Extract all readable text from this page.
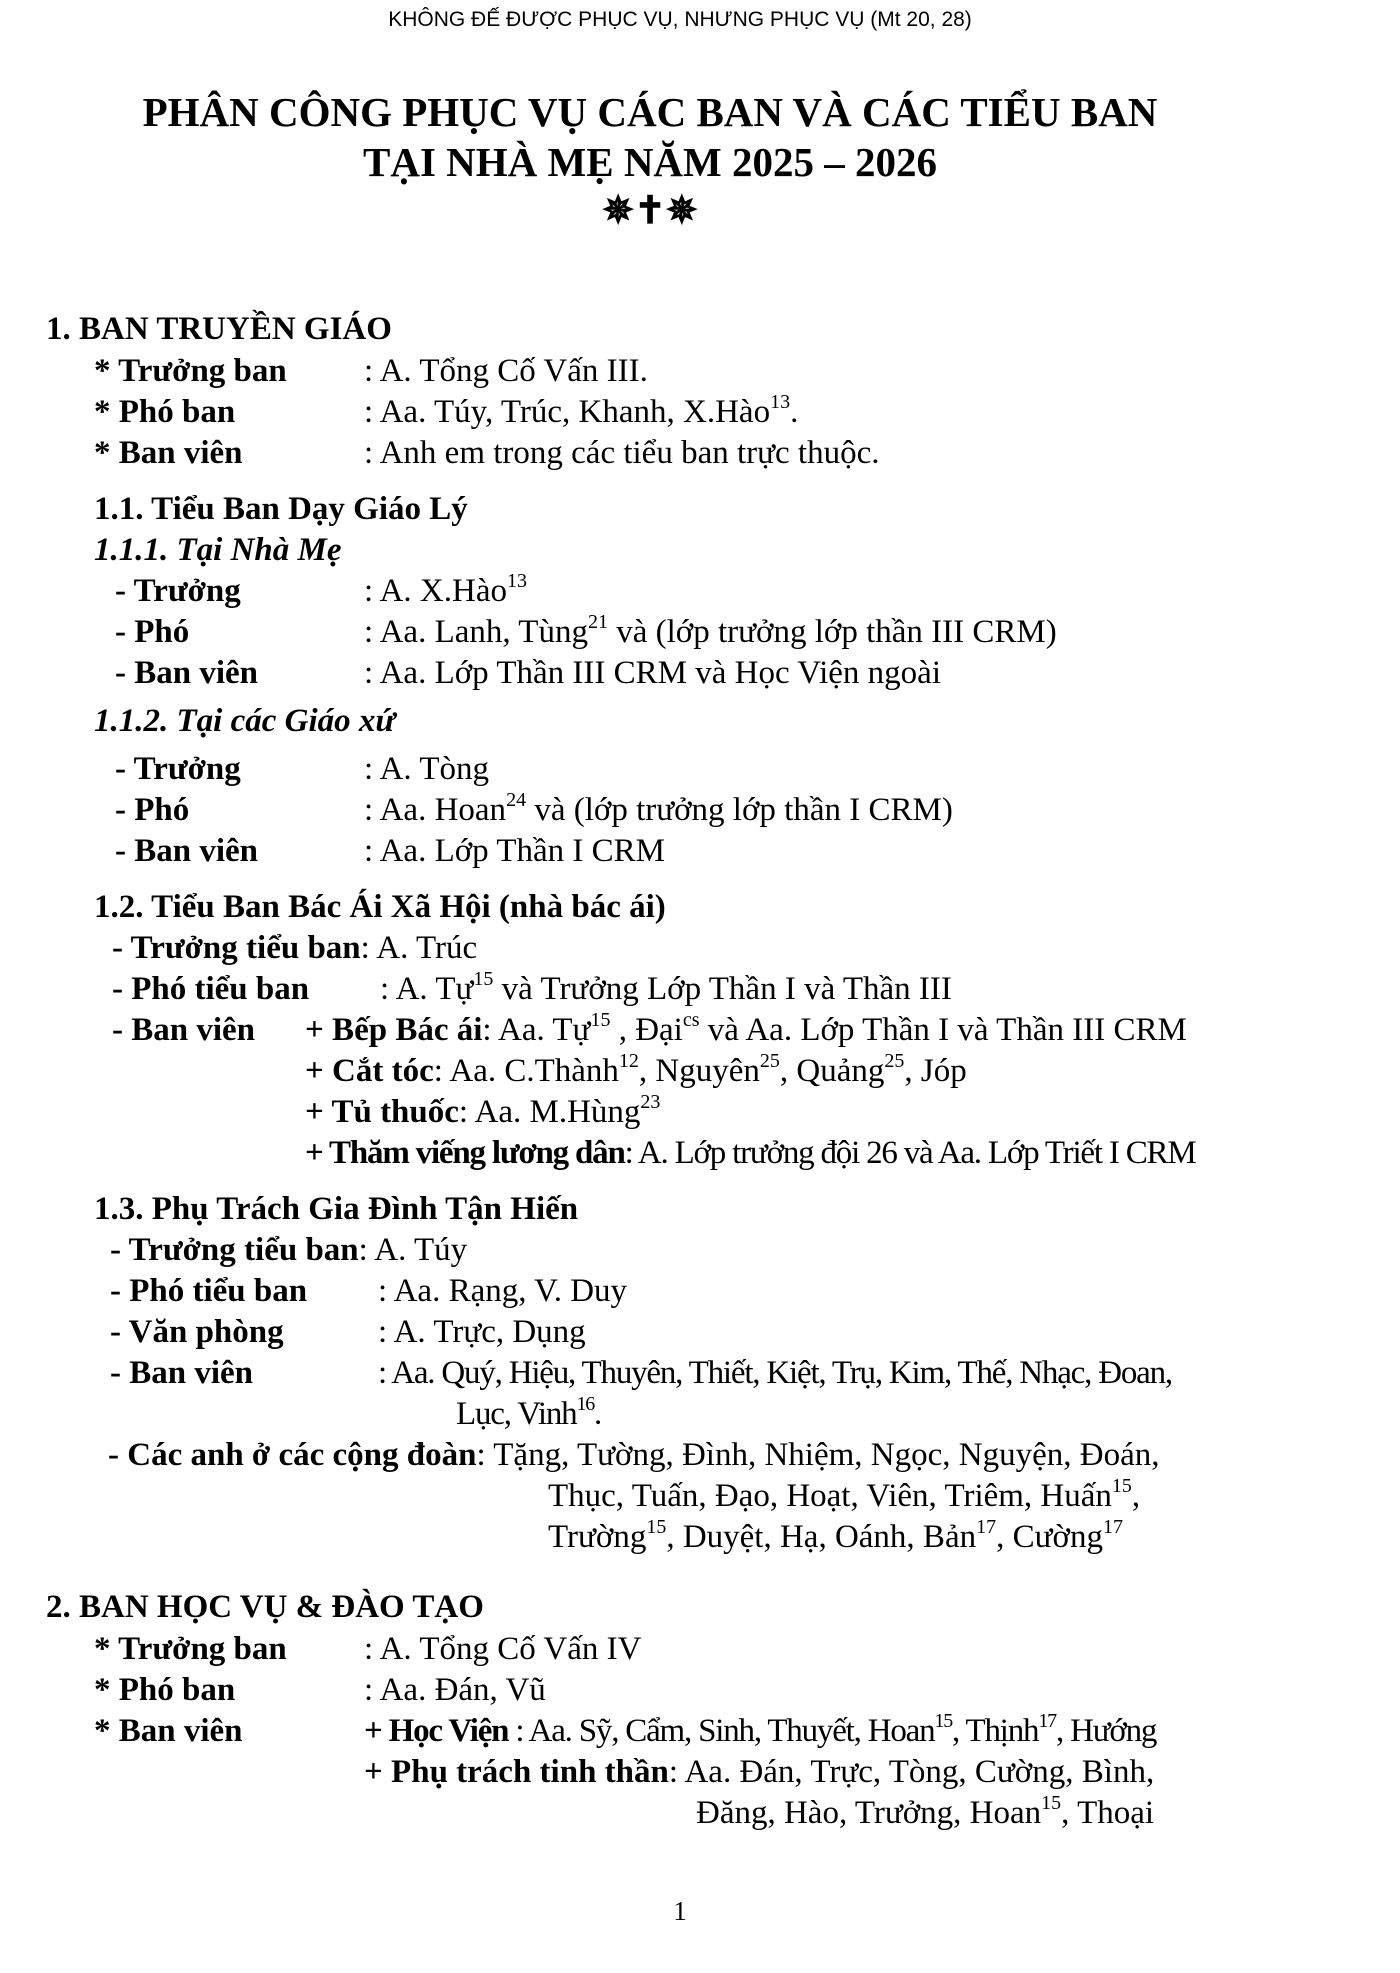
KHÔNG ĐẾ ĐƯỢC PHỤC VỤ, NHƯNG PHỤC VỤ (Mt 20, 28)
PHÂN CÔNG PHỤC VỤ CÁC BAN VÀ CÁC TIỂU BAN
TẠI NHÀ MẸ NĂM 2025 – 2026
✵✝✵
1. BAN TRUYỀN GIÁO
* Trưởng ban : A. Tổng Cố Vấn III.
* Phó ban	: Aa. Túy, Trúc, Khanh, X.Hào$^{13}$.
* Ban viên	: Anh em trong các tiểu ban trực thuộc.
1.1. Tiểu Ban Dạy Giáo Lý
1.1.1. Tại Nhà Mẹ
- Trưởng	: A. X.Hào$^{13}$
- Phó	: Aa. Lanh, Tùng$^{21}$ và (lớp trưởng lớp thần III CRM)
- Ban viên	: Aa. Lớp Thần III CRM và Học Viện ngoài
1.1.2. Tại các Giáo xứ
- Trưởng	: A. Tòng
- Phó	: Aa. Hoan$^{24}$ và (lớp trưởng lớp thần I CRM)
- Ban viên	: Aa. Lớp Thần I CRM
1.2. Tiểu Ban Bác Ái Xã Hội (nhà bác ái)
- Trưởng tiểu ban: A. Trúc
- Phó tiểu ban : A. Tự$^{15}$ và Trưởng Lớp Thần I và Thần III
- Ban viên + Bếp Bác ái: Aa. Tự$^{15}$ , Đại$^{cs}$ và Aa. Lớp Thần I và Thần III CRM
+ Cắt tóc: Aa. C.Thành$^{12}$, Nguyên$^{25}$, Quảng$^{25}$, Jóp
+ Tủ thuốc: Aa. M.Hùng$^{23}$
+ Thăm viếng lương dân: A. Lớp trưởng đội 26 và Aa. Lớp Triết I CRM
1.3. Phụ Trách Gia Đình Tận Hiến
- Trưởng tiểu ban: A. Túy
- Phó tiểu ban : Aa. Rạng, V. Duy
- Văn phòng	: A. Trực, Dụng
- Ban viên	: Aa. Quý, Hiệu, Thuyên, Thiết, Kiệt, Trụ, Kim, Thế, Nhạc, Đoan,
Lục, Vinh$^{16}$.
- Các anh ở các cộng đoàn: Tặng, Tường, Đình, Nhiệm, Ngọc, Nguyện, Đoán,
Thục, Tuấn, Đạo, Hoạt, Viên, Triêm, Huấn$^{15}$,
Trường$^{15}$, Duyệt, Hạ, Oánh, Bản$^{17}$, Cường$^{17}$
2. BAN HỌC VỤ & ĐÀO TẠO
* Trưởng ban : A. Tổng Cố Vấn IV
* Phó ban	: Aa. Đán, Vũ
* Ban viên	+ Học Viện : Aa. Sỹ, Cẩm, Sinh, Thuyết, Hoan$^{15}$, Thịnh$^{17}$, Hướng
+ Phụ trách tinh thần: Aa. Đán, Trực, Tòng, Cường, Bình,
Đăng, Hào, Trưởng, Hoan$^{15}$, Thoại
1
